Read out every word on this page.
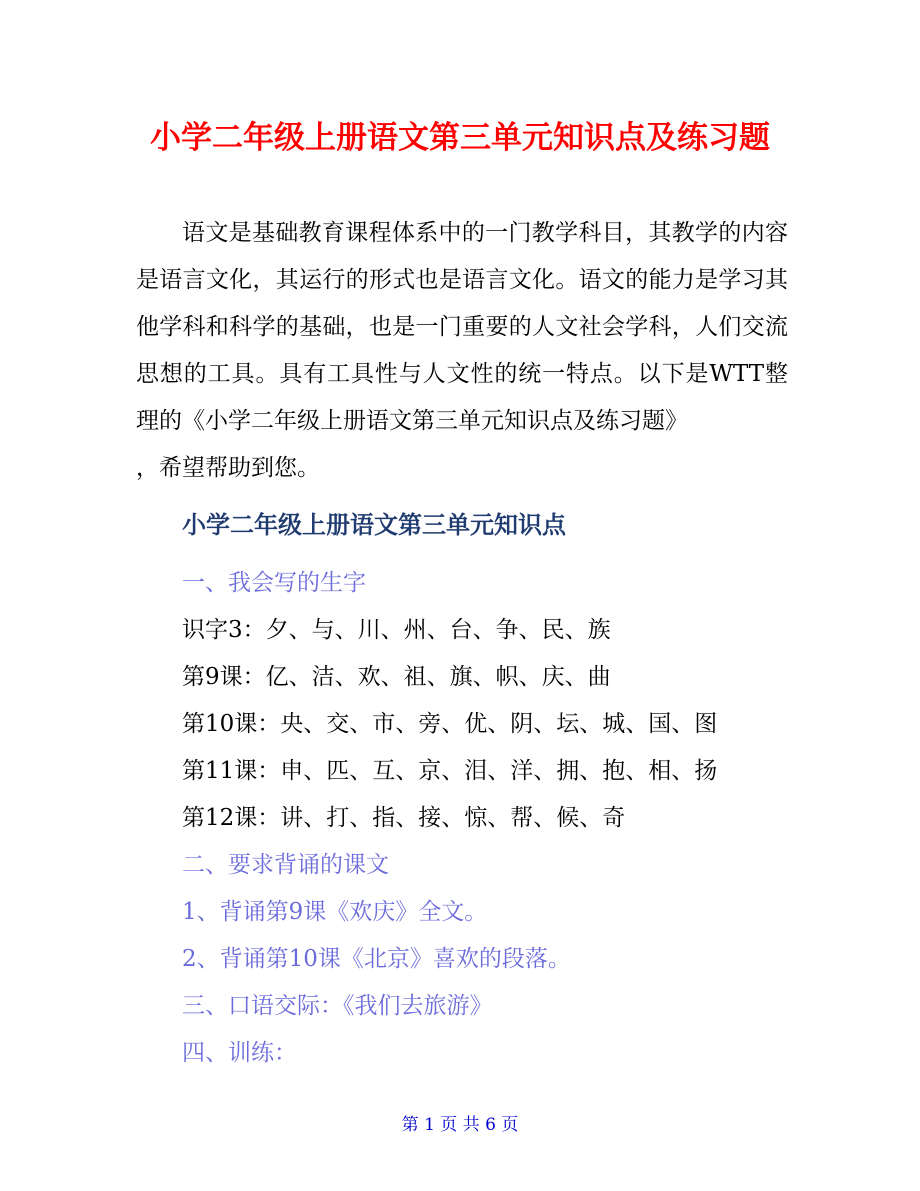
小学二年级上册语文第三单元知识点及练习题

语文是基础教育课程体系中的一门教学科目，其教学的内容是语言文化，其运行的形式也是语言文化。语文的能力是学习其他学科和科学的基础，也是一门重要的人文社会学科，人们交流思想的工具。具有工具性与人文性的统一特点。以下是WTT整理的《小学二年级上册语文第三单元知识点及练习题》

，希望帮助到您。

小学二年级上册语文第三单元知识点
一、我会写的生字
识字3：夕、与、川、州、台、争、民、族
第9课：亿、洁、欢、祖、旗、帜、庆、曲
第10课：央、交、市、旁、优、阴、坛、城、国、图
第11课：申、匹、互、京、泪、洋、拥、抱、相、扬
第12课：讲、打、指、接、惊、帮、候、奇
二、要求背诵的课文
1、背诵第9课《欢庆》全文。
2、背诵第10课《北京》喜欢的段落。
三、口语交际：《我们去旅游》
四、训练：
第 1 页 共 6 页
